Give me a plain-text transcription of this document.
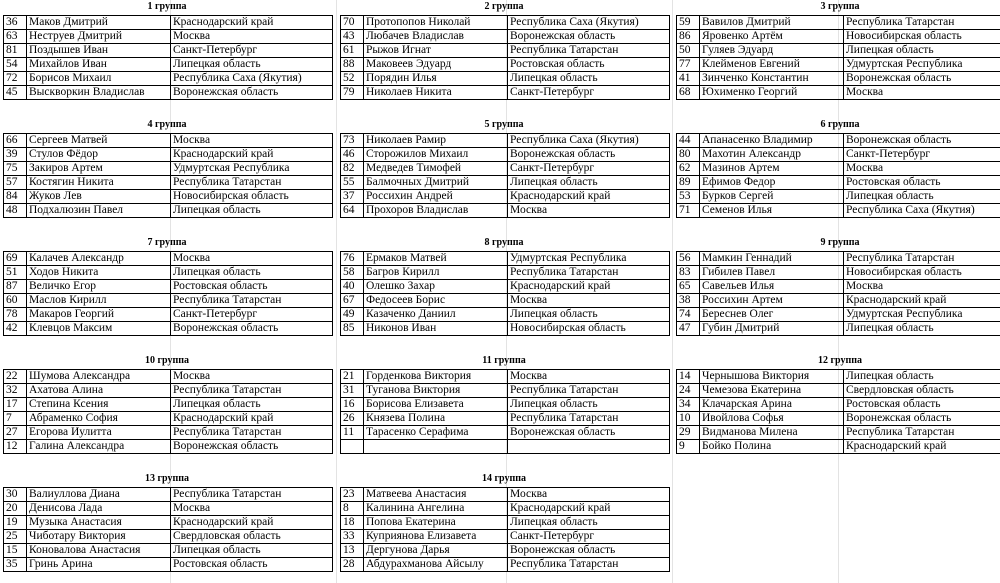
1 группа
36	Маков Дмитрий	Краснодарский край
63	Неструев Дмитрий	Москва
81	Поздышев Иван	Санкт-Петербург
54	Михайлов Иван	Липецкая область
72	Борисов Михаил	Республика Саха (Якутия)
45	Выскворкин Владислав	Воронежская область
2 группа
70	Протопопов Николай	Республика Саха (Якутия)
43	Любачев Владислав	Воронежская область
61	Рыжов Игнат	Республика Татарстан
88	Маковеев Эдуард	Ростовская область
52	Порядин Илья	Липецкая область
79	Николаев Никита	Санкт-Петербург
3 группа
59	Вавилов Дмитрий	Республика Татарстан
86	Яровенко Артём	Новосибирская область
50	Гуляев Эдуард	Липецкая область
77	Клейменов Евгений	Удмуртская Республика
41	Зинченко Константин	Воронежская область
68	Юхименко Георгий	Москва
4 группа
66	Сергеев Матвей	Москва
39	Стулов Фёдор	Краснодарский край
75	Закиров Артем	Удмуртская Республика
57	Костягин Никита	Республика Татарстан
84	Жуков Лев	Новосибирская область
48	Подхалюзин Павел	Липецкая область
5 группа
73	Николаев Рамир	Республика Саха (Якутия)
46	Сторожилов Михаил	Воронежская область
82	Медведев Тимофей	Санкт-Петербург
55	Балмочных Дмитрий	Липецкая область
37	Россихин Андрей	Краснодарский край
64	Прохоров Владислав	Москва
6 группа
44	Апанасенко Владимир	Воронежская область
80	Махотин Александр	Санкт-Петербург
62	Мазинов Артем	Москва
89	Ефимов Федор	Ростовская область
53	Бурков Сергей	Липецкая область
71	Семенов Илья	Республика Саха (Якутия)
7 группа
69	Калачев Александр	Москва
51	Ходов Никита	Липецкая область
87	Величко Егор	Ростовская область
60	Маслов Кирилл	Республика Татарстан
78	Макаров Георгий	Санкт-Петербург
42	Клевцов Максим	Воронежская область
8 группа
76	Ермаков Матвей	Удмуртская Республика
58	Багров Кирилл	Республика Татарстан
40	Олешко Захар	Краснодарский край
67	Федосеев Борис	Москва
49	Казаченко Даниил	Липецкая область
85	Никонов Иван	Новосибирская область
9 группа
56	Мамкин Геннадий	Республика Татарстан
83	Гибилев Павел	Новосибирская область
65	Савельев Илья	Москва
38	Россихин Артем	Краснодарский край
74	Береснев Олег	Удмуртская Республика
47	Губин Дмитрий	Липецкая область
10 группа
22	Шумова Александра	Москва
32	Ахатова Алина	Республика Татарстан
17	Степина Ксения	Липецкая область
7	Абраменко София	Краснодарский край
27	Егорова Иулитта	Республика Татарстан
12	Галина Александра	Воронежская область
11 группа
21	Горденкова Виктория	Москва
31	Туганова Виктория	Республика Татарстан
16	Борисова Елизавета	Липецкая область
26	Князева Полина	Республика Татарстан
11	Тарасенко Серафима	Воронежская область

12 группа
14	Чернышова Виктория	Липецкая область
24	Чемезова Екатерина	Свердловская область
34	Клачарская Арина	Ростовская область
10	Ивойлова Софья	Воронежская область
29	Видманова Милена	Республика Татарстан
9	Бойко Полина	Краснодарский край
13 группа
30	Валиуллова Диана	Республика Татарстан
20	Денисова Лада	Москва
19	Музыка Анастасия	Краснодарский край
25	Чиботару Виктория	Свердловская область
15	Коновалова Анастасия	Липецкая область
35	Гринь Арина	Ростовская область
14 группа
23	Матвеева Анастасия	Москва
8	Калинина Ангелина	Краснодарский край
18	Попова Екатерина	Липецкая область
33	Куприянова Елизавета	Санкт-Петербург
13	Дергунова Дарья	Воронежская область
28	Абдурахманова Айсылу	Республика Татарстан
